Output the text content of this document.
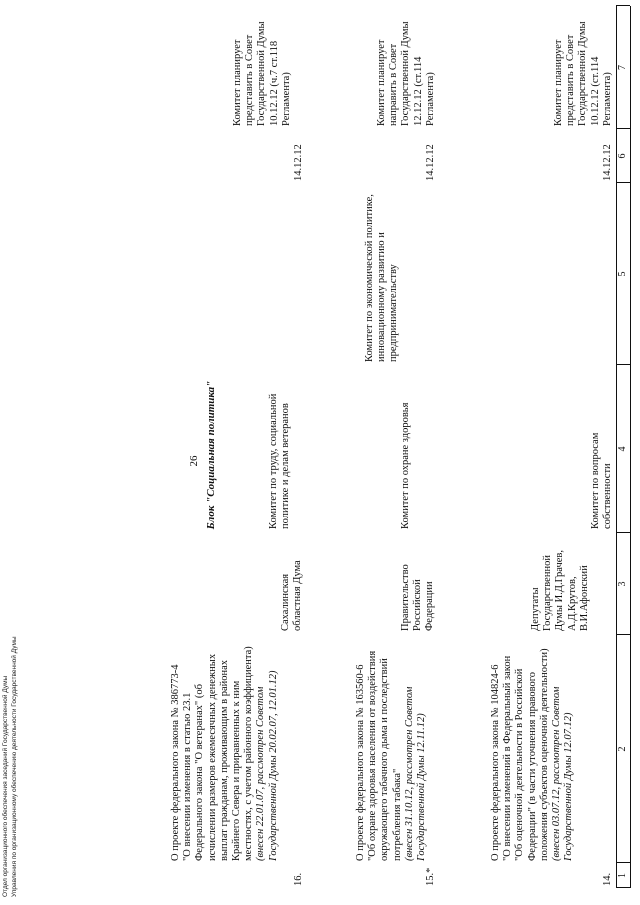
Отдел организационного обеспечения заседаний Государственной Думы Управления по организационному обеспечению деятельности Государственной Думы
26
1
2
3
4
5
6
7
14.
О проекте федерального закона № 104824-6 "О внесении изменений в Федеральный закон "Об оценочной деятельности в Российской Федерации" (в части уточнения правового положения субъектов оценочной деятельности) (внесен 03.07.12, рассмотрен Советом Государственной Думы 12.07.12)
Депутаты Государственной Думы И.Д.Грачев, А.Д.Крутов, В.И.Афонский
Комитет по вопросам собственности
14.12.12
Комитет планирует представить в Совет Государственной Думы 10.12.12 (ст.114 Регламента)
Блок "Социальная политика"
15.*
О проекте федерального закона № 163560-6 "Об охране здоровья населения от воздействия окружающего табачного дыма и последствий потребления табака" (внесен 31.10.12, рассмотрен Советом Государственной Думы 12.11.12)
Правительство Российской Федерации
Комитет по охране здоровья
Комитет по экономической политике, инновационному развитию и предпринимательству
14.12.12
Комитет планирует направить в Совет Государственной Думы 12.12.12 (ст.114 Регламента)
16.
О проекте федерального закона № 386773-4 "О внесении изменения в статью 23.1 Федерального закона "О ветеранах" (об исчислении размеров ежемесячных денежных выплат гражданам, проживающим в районах Крайнего Севера и приравненных к ним местностях, с учетом районного коэффициента) (внесен 22.01.07, рассмотрен Советом Государственной Думы 20.02.07, 12.01.12)
Сахалинская областная Дума
Комитет по труду, социальной политике и делам ветеранов
14.12.12
Комитет планирует представить в Совет Государственной Думы 10.12.12 (ч.7 ст.118 Регламента)
